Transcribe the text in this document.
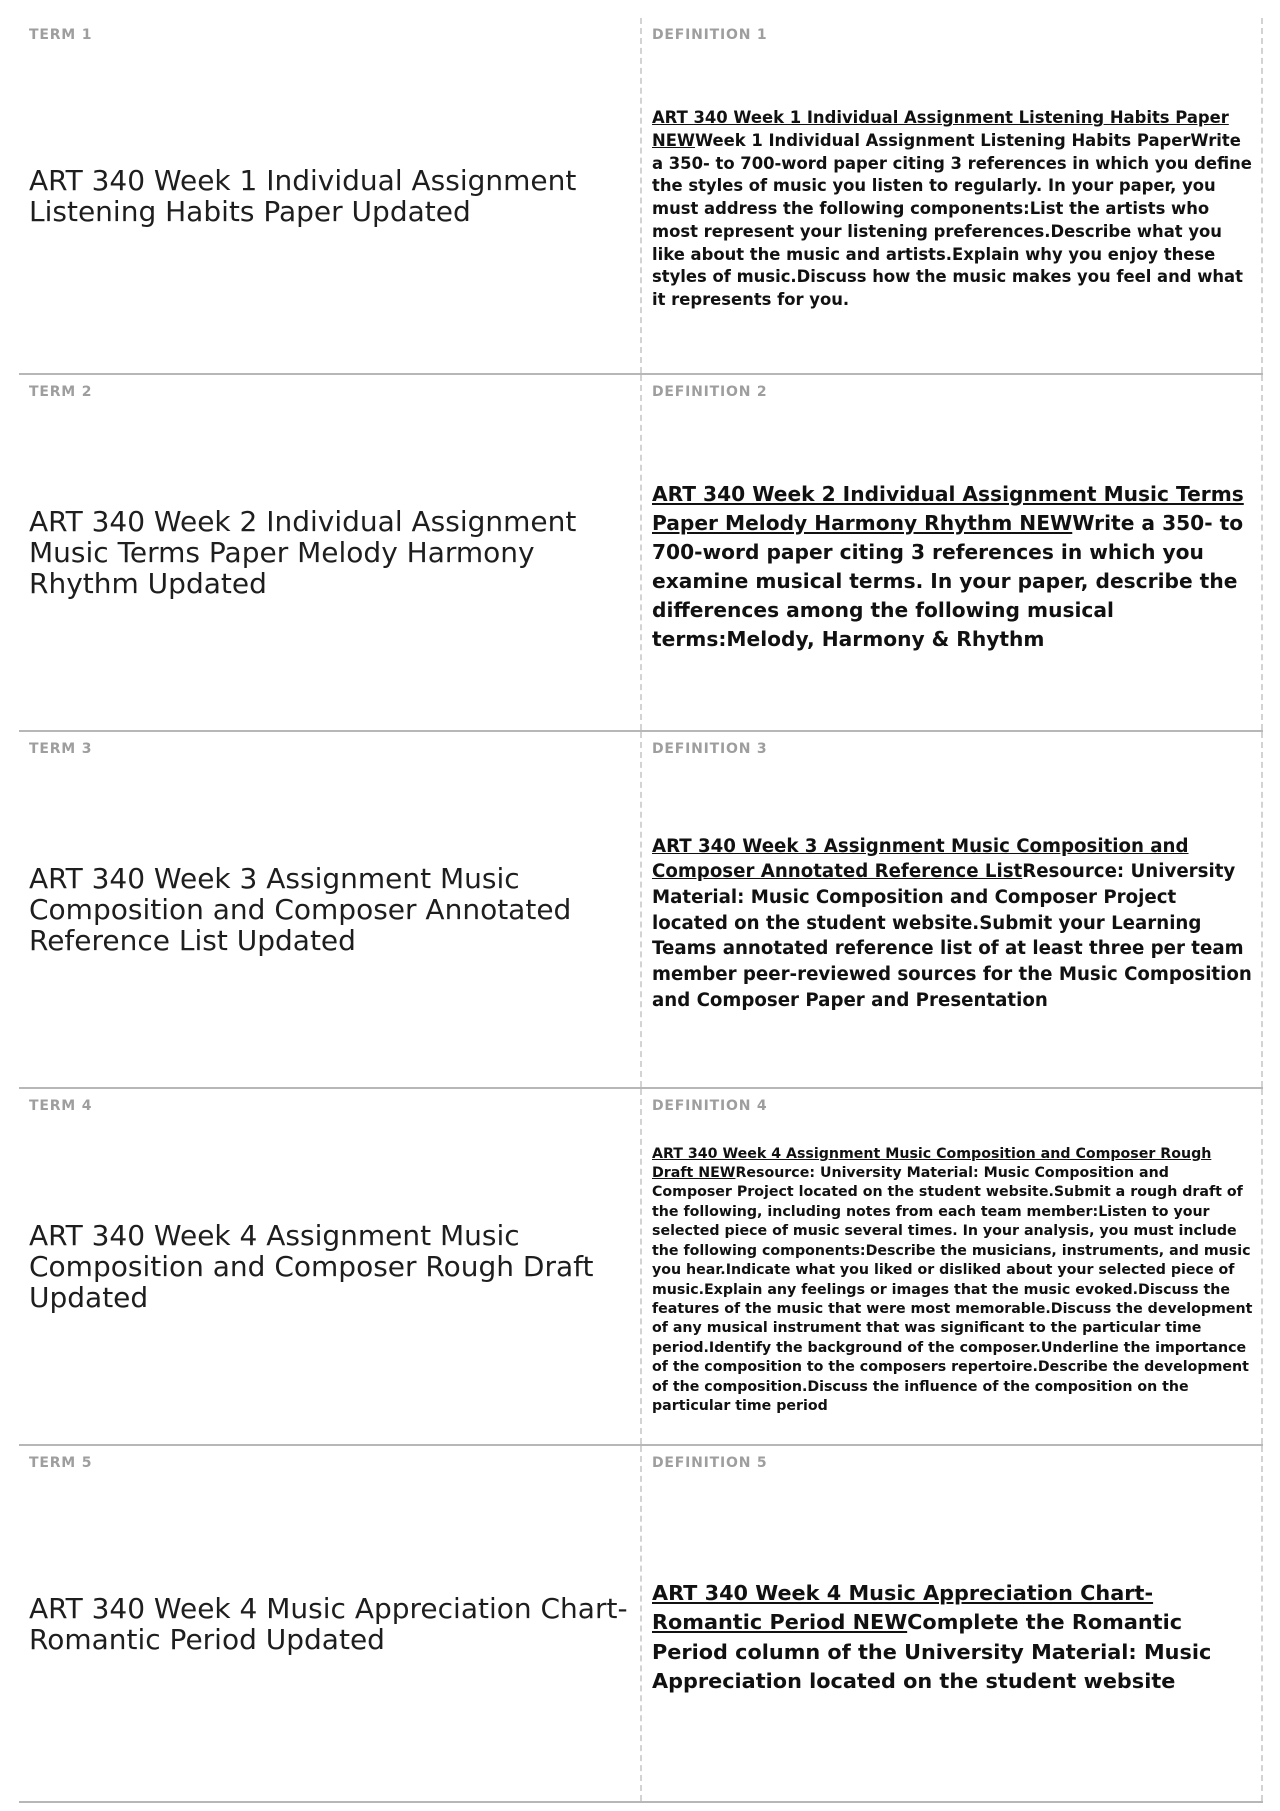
TERM 1
ART 340 Week 1 Individual Assignment Listening Habits Paper Updated
DEFINITION 1
ART 340 Week 1 Individual Assignment Listening Habits Paper NEWWeek 1 Individual Assignment Listening Habits PaperWrite a 350- to 700-word paper citing 3 references in which you define the styles of music you listen to regularly. In your paper, you must address the following components:List the artists who most represent your listening preferences.Describe what you like about the music and artists.Explain why you enjoy these styles of music.Discuss how the music makes you feel and what it represents for you.
TERM 2
ART 340 Week 2 Individual Assignment Music Terms Paper Melody Harmony Rhythm Updated
DEFINITION 2
ART 340 Week 2 Individual Assignment Music Terms Paper Melody Harmony Rhythm NEWWrite a 350- to 700-word paper citing 3 references in which you examine musical terms. In your paper, describe the differences among the following musical terms:Melody, Harmony & Rhythm
TERM 3
ART 340 Week 3 Assignment Music Composition and Composer Annotated Reference List Updated
DEFINITION 3
ART 340 Week 3 Assignment Music Composition and Composer Annotated Reference ListResource: University Material: Music Composition and Composer Project located on the student website.Submit your Learning Teams annotated reference list of at least three per team member peer-reviewed sources for the Music Composition and Composer Paper and Presentation
TERM 4
ART 340 Week 4 Assignment Music Composition and Composer Rough Draft Updated
DEFINITION 4
ART 340 Week 4 Assignment Music Composition and Composer Rough Draft NEWResource: University Material: Music Composition and Composer Project located on the student website.Submit a rough draft of the following, including notes from each team member:Listen to your selected piece of music several times. In your analysis, you must include the following components:Describe the musicians, instruments, and music you hear.Indicate what you liked or disliked about your selected piece of music.Explain any feelings or images that the music evoked.Discuss the features of the music that were most memorable.Discuss the development of any musical instrument that was significant to the particular time period.Identify the background of the composer.Underline the importance of the composition to the composers repertoire.Describe the development of the composition.Discuss the influence of the composition on the particular time period
TERM 5
ART 340 Week 4 Music Appreciation Chart- Romantic Period Updated
DEFINITION 5
ART 340 Week 4 Music Appreciation Chart- Romantic Period NEWComplete the Romantic Period column of the University Material: Music Appreciation located on the student website
